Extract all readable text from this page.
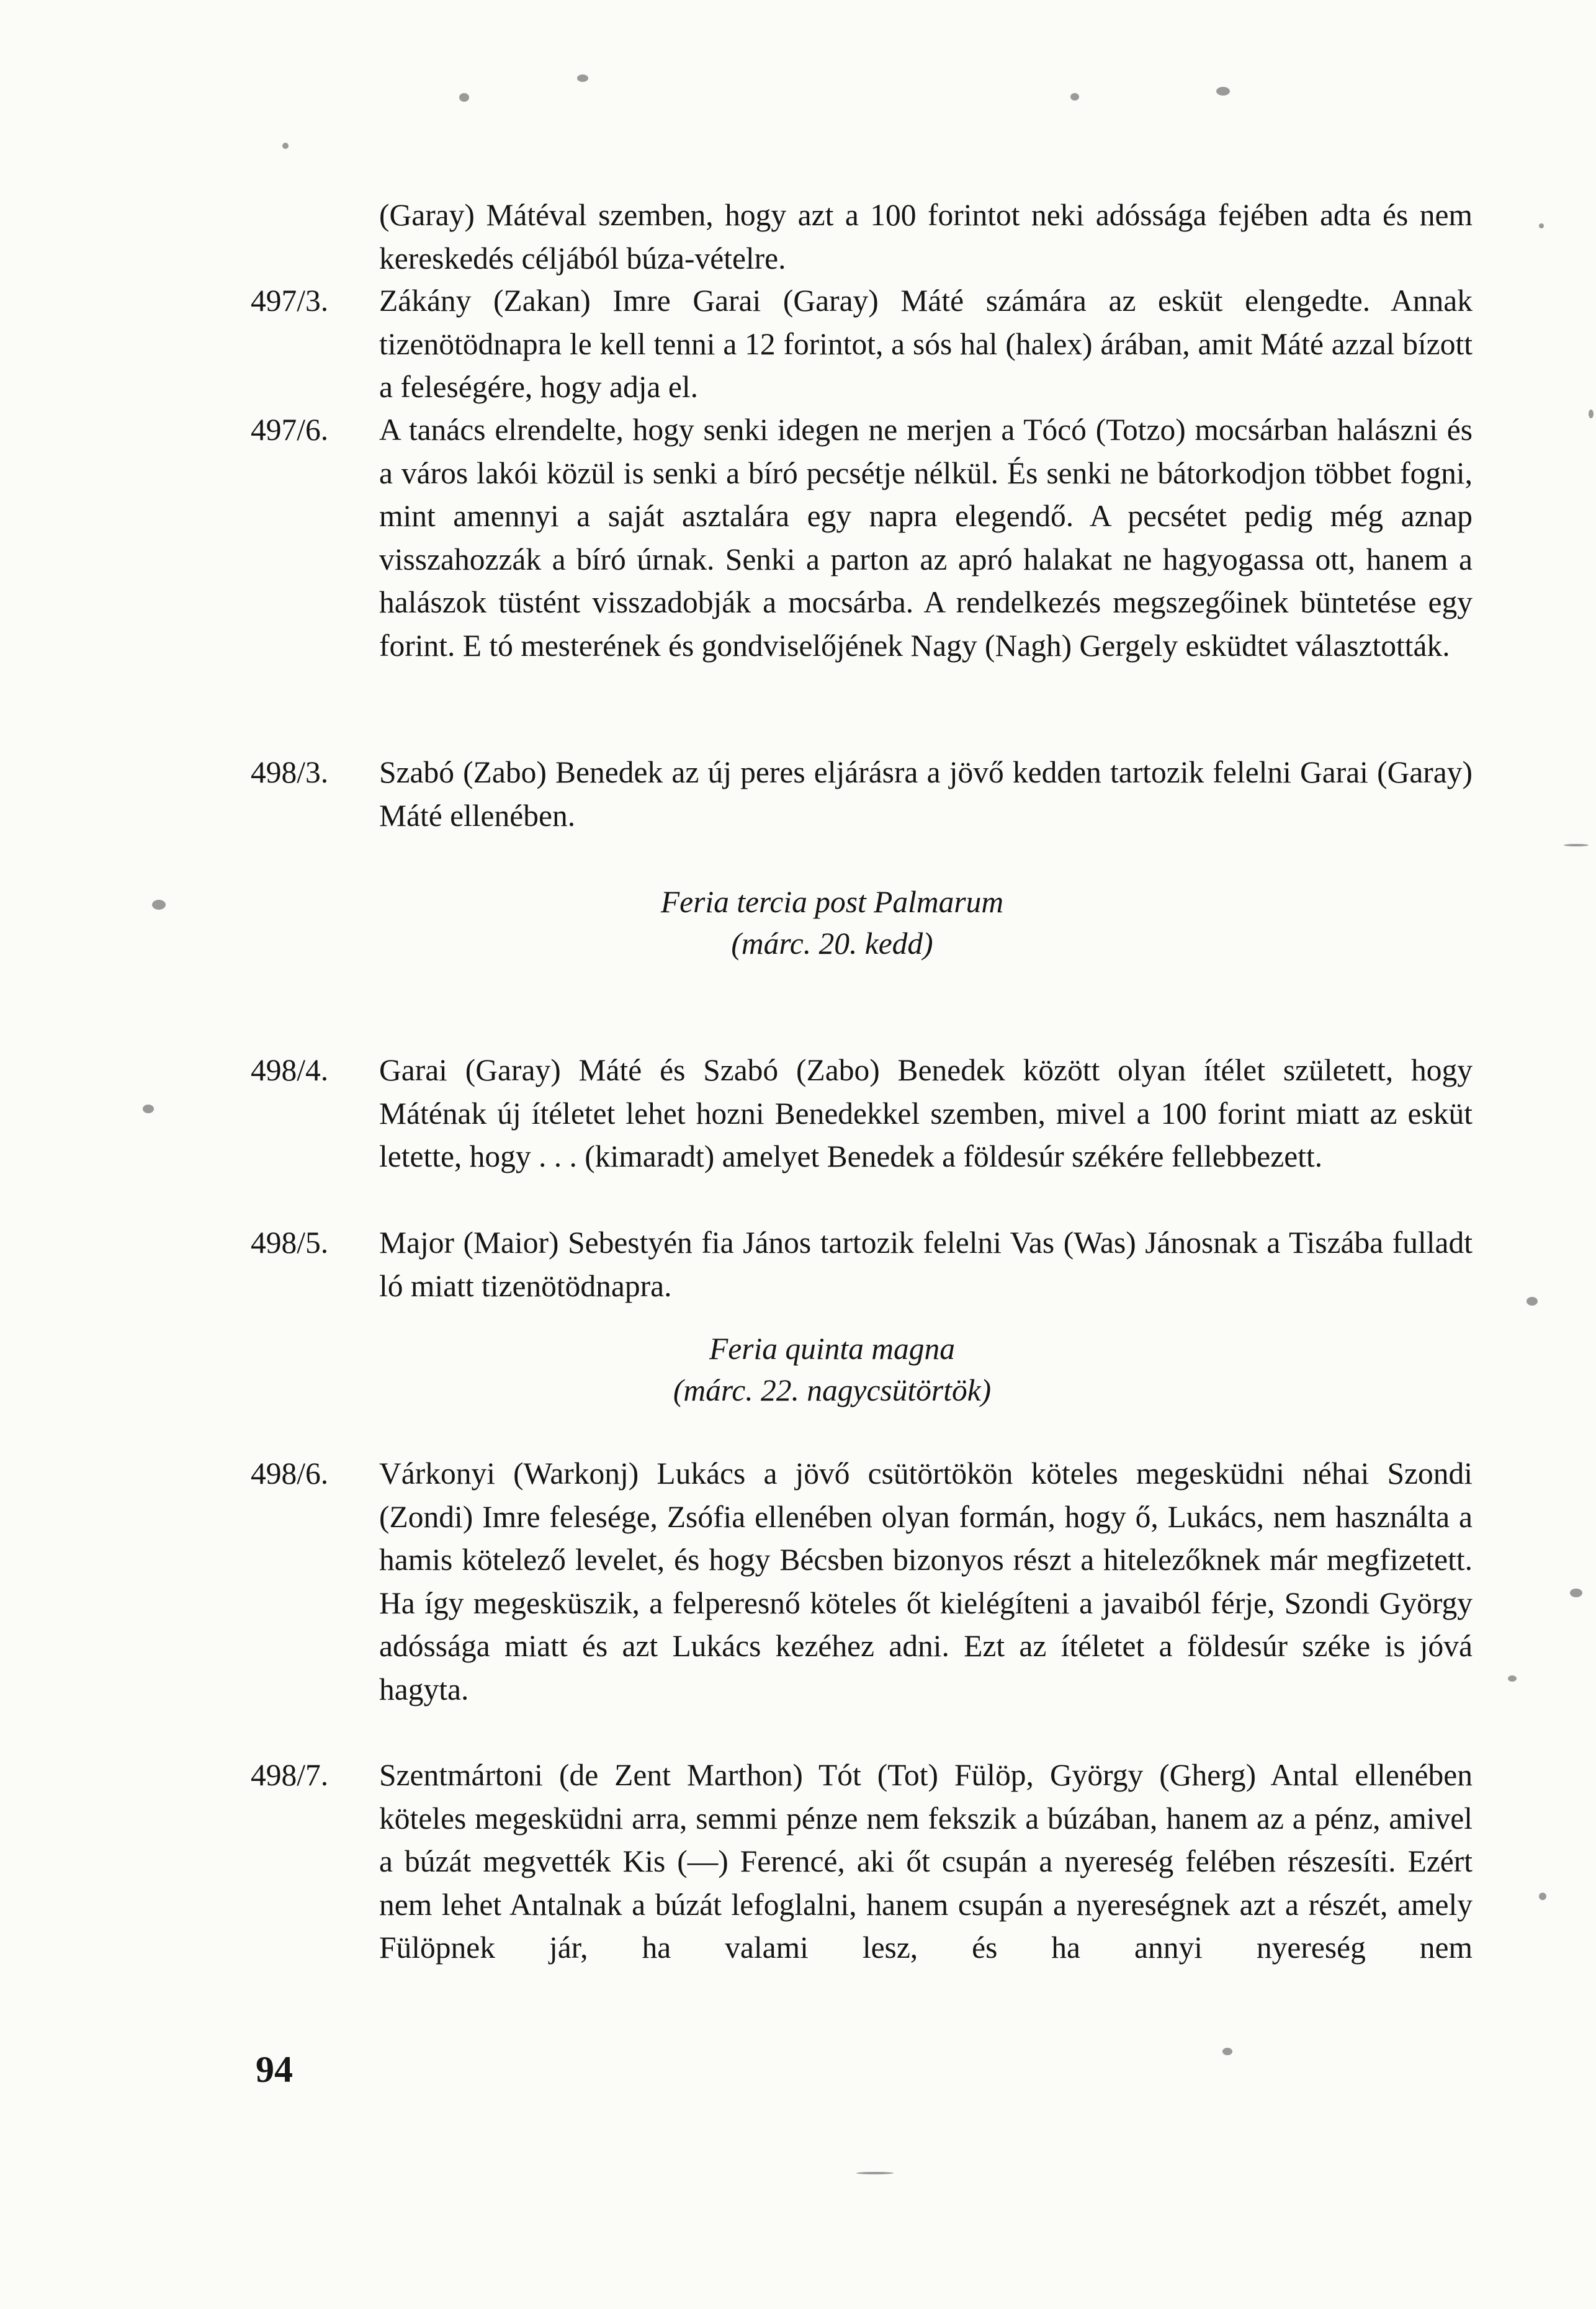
(Garay) Mátéval szemben, hogy azt a 100 forintot neki adóssága fejében adta és nem kereskedés céljából búza-vételre.
497/3. Zákány (Zakan) Imre Garai (Garay) Máté számára az esküt elengedte. Annak tizenötödnapra le kell tenni a 12 forintot, a sós hal (halex) árában, amit Máté azzal bízott a feleségére, hogy adja el.
497/6. A tanács elrendelte, hogy senki idegen ne merjen a Tócó (Totzo) mocsárban halászni és a város lakói közül is senki a bíró pecsétje nélkül. És senki ne bátorkodjon többet fogni, mint amennyi a saját asztalára egy napra elegendő. A pecsétet pedig még aznap visszahozzák a bíró úrnak. Senki a parton az apró halakat ne hagyogassa ott, hanem a halászok tüstént visszadobják a mocsárba. A rendelkezés megszegőinek büntetése egy forint. E tó mesterének és gondviselőjének Nagy (Nagh) Gergely esküdtet választották.
498/3. Szabó (Zabo) Benedek az új peres eljárásra a jövő kedden tartozik felelni Garai (Garay) Máté ellenében.
Feria tercia post Palmarum
(márc. 20. kedd)
498/4. Garai (Garay) Máté és Szabó (Zabo) Benedek között olyan ítélet született, hogy Máténak új ítéletet lehet hozni Benedekkel szemben, mivel a 100 forint miatt az esküt letette, hogy . . . (kimaradt) amelyet Benedek a földesúr székére fellebbezett.
498/5. Major (Maior) Sebestyén fia János tartozik felelni Vas (Was) Jánosnak a Tiszába fulladt ló miatt tizenötödnapra.
Feria quinta magna
(márc. 22. nagycsütörtök)
498/6. Várkonyi (Warkonj) Lukács a jövő csütörtökön köteles megesküdni néhai Szondi (Zondi) Imre felesége, Zsófia ellenében olyan formán, hogy ő, Lukács, nem használta a hamis kötelező levelet, és hogy Bécsben bizonyos részt a hitelezőknek már megfizetett. Ha így megesküszik, a felperesnő köteles őt kielégíteni a javaiból férje, Szondi György adóssága miatt és azt Lukács kezéhez adni. Ezt az ítéletet a földesúr széke is jóvá hagyta.
498/7. Szentmártoni (de Zent Marthon) Tót (Tot) Fülöp, György (Gherg) Antal ellenében köteles megesküdni arra, semmi pénze nem fekszik a búzában, hanem az a pénz, amivel a búzát megvették Kis (—) Ferencé, aki őt csupán a nyereség felében részesíti. Ezért nem lehet Antalnak a búzát lefoglalni, hanem csupán a nyereségnek azt a részét, amely Fülöpnek jár, ha valami lesz, és ha annyi nyereség nem
94
